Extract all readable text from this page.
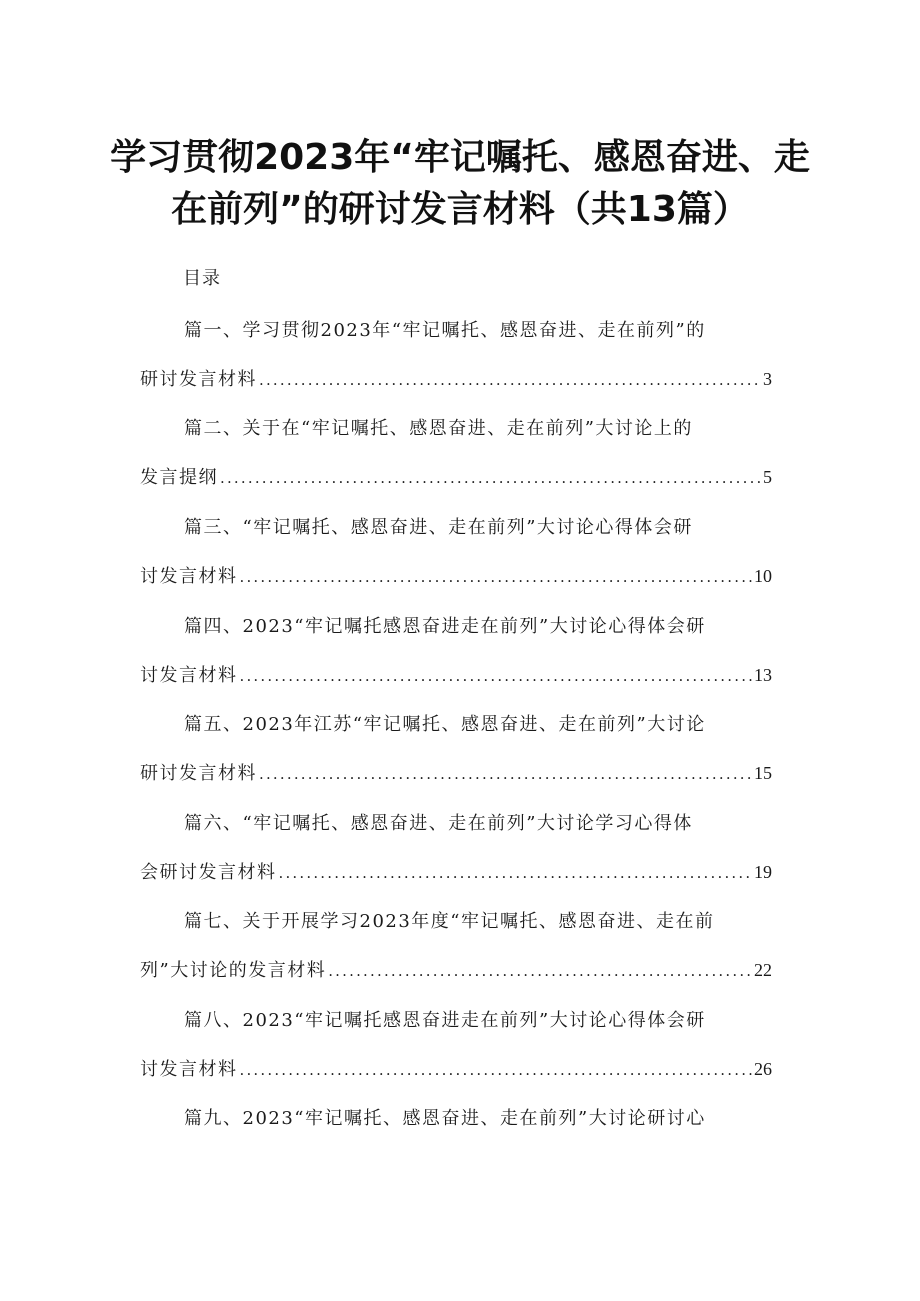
学习贯彻2023年“牢记嘱托、感恩奋进、走
在前列”的研讨发言材料（共13篇）
目录
篇一、学习贯彻2023年“牢记嘱托、感恩奋进、走在前列”的
研讨发言材料 .....	3
篇二、关于在“牢记嘱托、感恩奋进、走在前列”大讨论上的
发言提纲 .....	5
篇三、“牢记嘱托、感恩奋进、走在前列”大讨论心得体会研
讨发言材料 .....	10
篇四、2023“牢记嘱托感恩奋进走在前列”大讨论心得体会研
讨发言材料 .....	13
篇五、2023年江苏“牢记嘱托、感恩奋进、走在前列”大讨论
研讨发言材料 .....	15
篇六、“牢记嘱托、感恩奋进、走在前列”大讨论学习心得体
会研讨发言材料 .....	19
篇七、关于开展学习2023年度“牢记嘱托、感恩奋进、走在前
列”大讨论的发言材料 .....	22
篇八、2023“牢记嘱托感恩奋进走在前列”大讨论心得体会研
讨发言材料 .....	26
篇九、2023“牢记嘱托、感恩奋进、走在前列”大讨论研讨心
